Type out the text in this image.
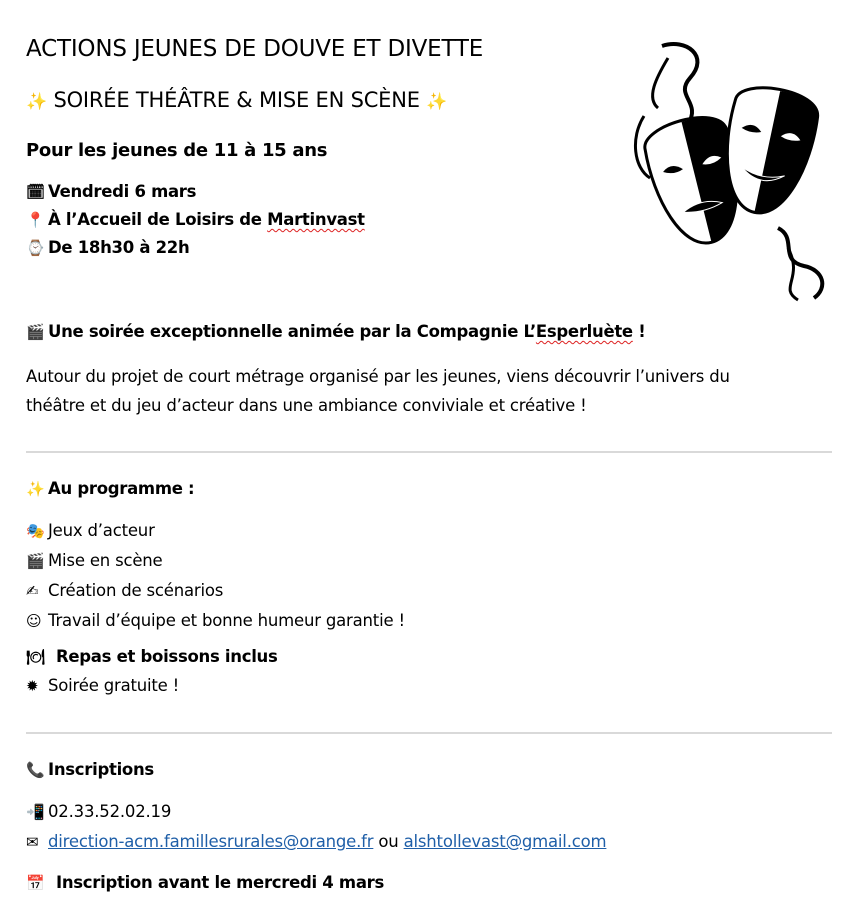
ACTIONS JEUNES DE DOUVE ET DIVETTE
✨ SOIRÉE THÉÂTRE & MISE EN SCÈNE ✨
Pour les jeunes de 11 à 15 ans
🗓 Vendredi 6 mars
📍 À l’Accueil de Loisirs de Martinvast
⌚ De 18h30 à 22h
🎬 Une soirée exceptionnelle animée par la Compagnie L’Esperluète !
Autour du projet de court métrage organisé par les jeunes, viens découvrir l’univers du
théâtre et du jeu d’acteur dans une ambiance conviviale et créative !
✨ Au programme :
🎭 Jeux d’acteur
🎬 Mise en scène
✍ Création de scénarios
☺ Travail d’équipe et bonne humeur garantie !
🍽 Repas et boissons inclus
✹ Soirée gratuite !
📞 Inscriptions
📲 02.33.52.02.19
✉ direction-acm.famillesrurales@orange.fr ou alshtollevast@gmail.com
📅 Inscription avant le mercredi 4 mars
